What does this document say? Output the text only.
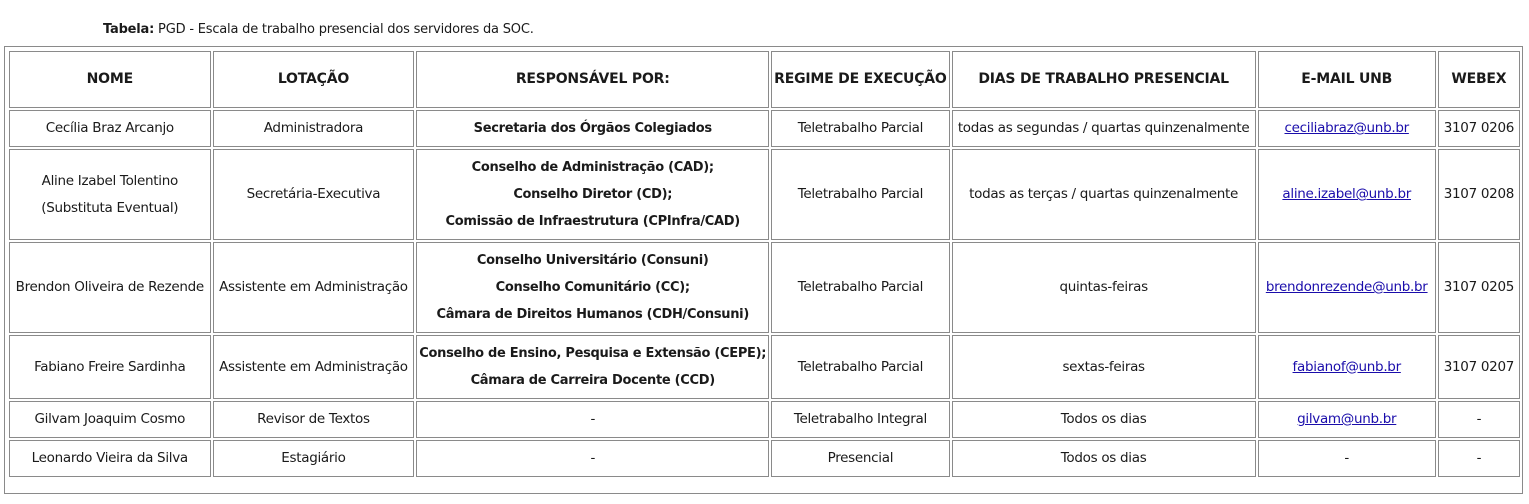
Tabela: PGD - Escala de trabalho presencial dos servidores da SOC.
NOME	LOTAÇÃO	RESPONSÁVEL POR:	REGIME DE EXECUÇÃO	DIAS DE TRABALHO PRESENCIAL	E-MAIL UNB	WEBEX

Cecília Braz Arcanjo	Administradora	Secretaria dos Órgãos Colegiados	Teletrabalho Parcial	todas as segundas / quartas quinzenalmente	ceciliabraz@unb.br	3107 0206

Aline Izabel Tolentino
(Substituta Eventual)	Secretária-Executiva	Conselho de Administração (CAD);
Conselho Diretor (CD);
Comissão de Infraestrutura (CPInfra/CAD)	Teletrabalho Parcial	todas as terças / quartas quinzenalmente	aline.izabel@unb.br	3107 0208

Brendon Oliveira de Rezende	Assistente em Administração	Conselho Universitário (Consuni)
Conselho Comunitário (CC);
Câmara de Direitos Humanos (CDH/Consuni)	Teletrabalho Parcial	quintas-feiras	brendonrezende@unb.br	3107 0205

Fabiano Freire Sardinha	Assistente em Administração	Conselho de Ensino, Pesquisa e Extensão (CEPE);
Câmara de Carreira Docente (CCD)	Teletrabalho Parcial	sextas-feiras	fabianof@unb.br	3107 0207

Gilvam Joaquim Cosmo	Revisor de Textos	-	Teletrabalho Integral	Todos os dias	gilvam@unb.br	-

Leonardo Vieira da Silva	Estagiário	-	Presencial	Todos os dias	-	-
